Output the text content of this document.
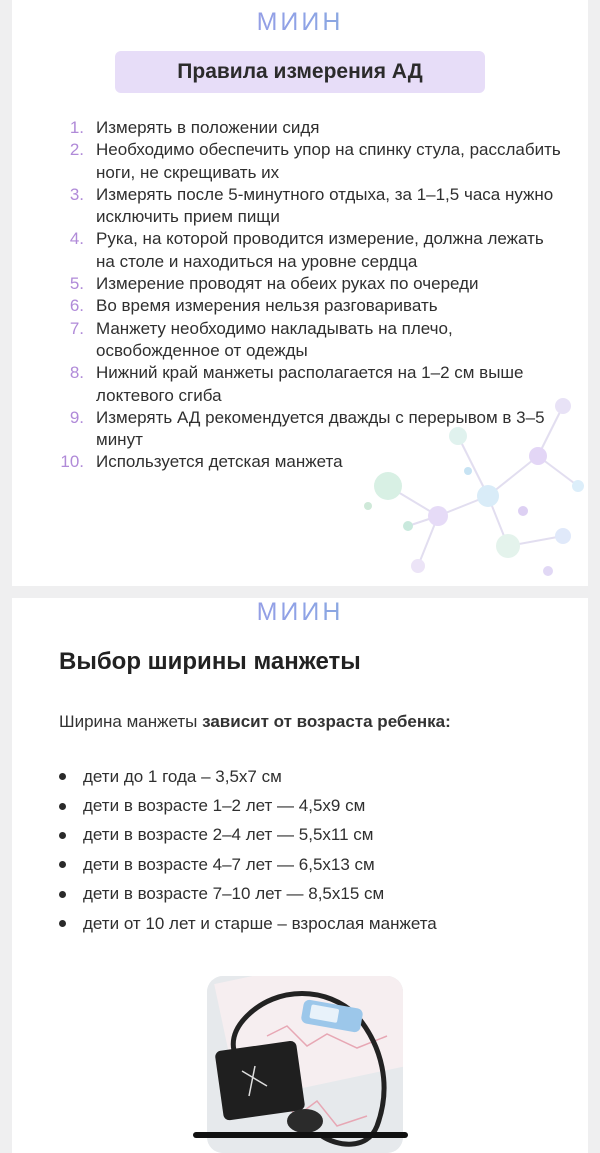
МИИН
Правила измерения АД
1. Измерять в положении сидя
2. Необходимо обеспечить упор на спинку стула, расслабить ноги, не скрещивать их
3. Измерять после 5-минутного отдыха, за 1–1,5 часа нужно исключить прием пищи
4. Рука, на которой проводится измерение, должна лежать на столе и находиться на уровне сердца
5. Измерение проводят на обеих руках по очереди
6. Во время измерения нельзя разговаривать
7. Манжету необходимо накладывать на плечо, освобожденное от одежды
8. Нижний край манжеты располагается на 1–2 см выше локтевого сгиба
9. Измерять АД рекомендуется дважды с перерывом в 3–5 минут
10. Используется детская манжета
МИИН
Выбор ширины манжеты
Ширина манжеты зависит от возраста ребенка:
дети до 1 года – 3,5х7 см
дети в возрасте 1–2 лет — 4,5х9 см
дети в возрасте 2–4 лет — 5,5х11 см
дети в возрасте 4–7 лет — 6,5х13 см
дети в возрасте 7–10 лет — 8,5х15 см
дети от 10 лет и старше – взрослая манжета
